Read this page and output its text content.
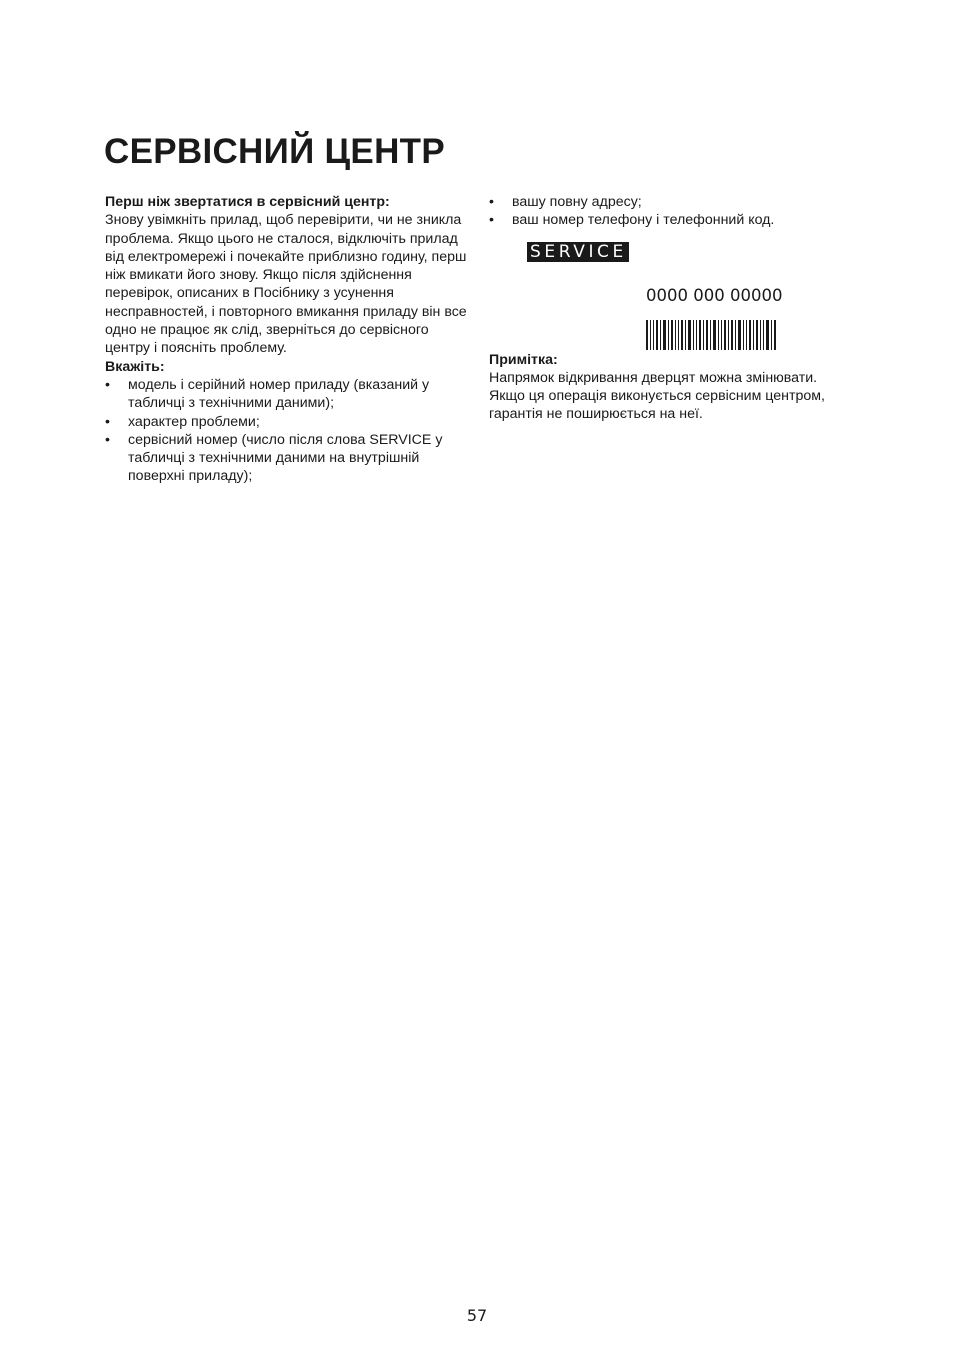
СЕРВІСНИЙ ЦЕНТР

Перш ніж звертатися в сервісний центр:

Знову увімкніть прилад, щоб перевірити, чи не зникла проблема. Якщо цього не сталося, відключіть прилад від електромережі і почекайте приблизно годину, перш ніж вмикати його знову. Якщо після здійснення перевірок, описаних в Посібнику з усунення несправностей, і повторного вмикання приладу він все одно не працює як слід, зверніться до сервісного центру і поясніть проблему.

Вкажіть:

• модель і серійний номер приладу (вказаний у табличці з технічними даними);
• характер проблеми;
• сервісний номер (число після слова SERVICE у табличці з технічними даними на внутрішній поверхні приладу);
• вашу повну адресу;
• ваш номер телефону і телефонний код.
SERVICE
0000 000 00000

Примітка:

Напрямок відкривання дверцят можна змінювати. Якщо ця операція виконується сервісним центром, гарантія не поширюється на неї.

57
